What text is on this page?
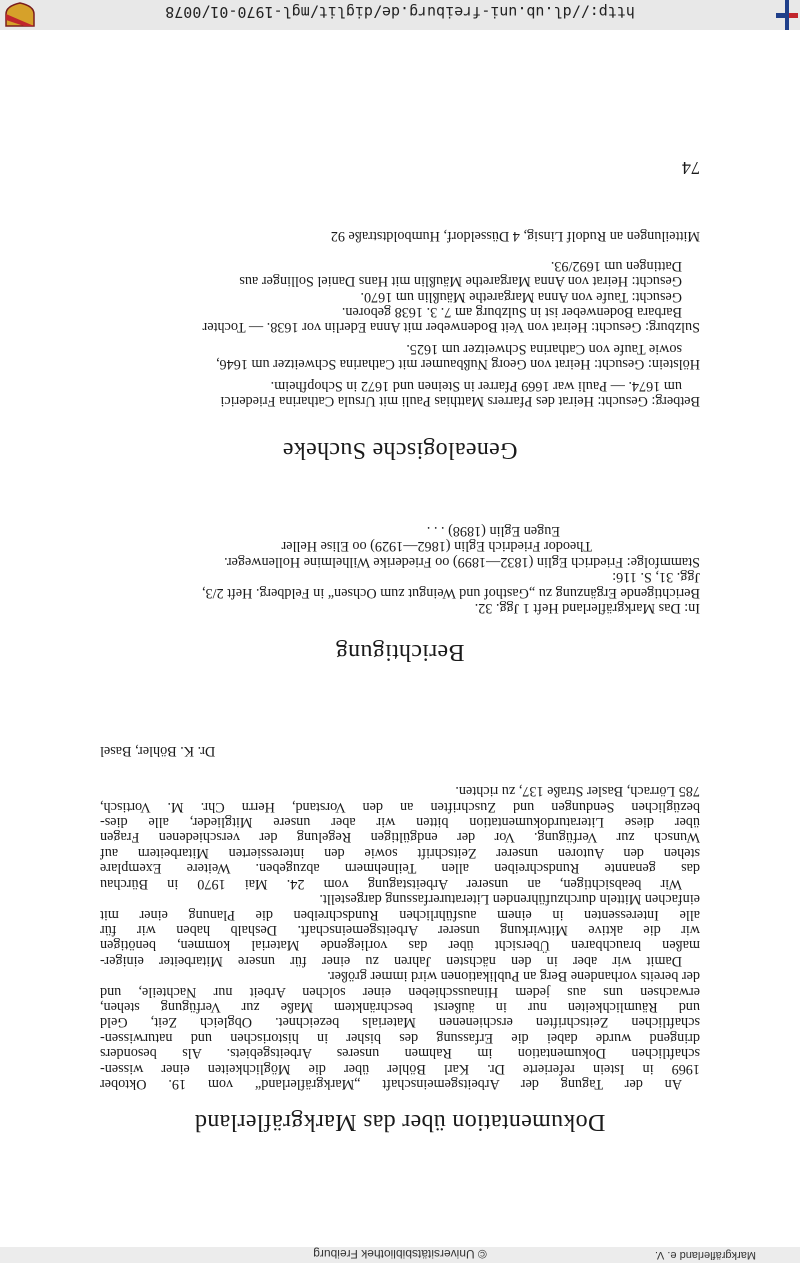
http://dl.ub.uni-freiburg.de/diglit/mgl-1970-01/0078
© Universitätsbibliothek Freiburg	Markgräflerland e. V.
74
Dokumentation über das Markgräflerland
An der Tagung der Arbeitsgemeinschaft „Markgräflerland“ vom 19. Oktober
1969 in Istein referierte Dr. Karl Böhler über die Möglichkeiten einer wissen-
schaftlichen Dokumentation im Rahmen unseres Arbeitsgebiets. Als besonders
dringend wurde dabei die Erfassung des bisher in historischen und naturwissen-
schaftlichen Zeitschriften erschienenen Materials bezeichnet. Obgleich Zeit, Geld
und Räumlichkeiten nur in äußerst beschränktem Maße zur Verfügung stehen,
erwachsen uns aus jedem Hinausschieben einer solchen Arbeit nur Nachteile, und
der bereits vorhandene Berg an Publikationen wird immer größer.
Damit wir aber in den nächsten Jahren zu einer für unsere Mitarbeiter einiger-
maßen brauchbaren Übersicht über das vorliegende Material kommen, benötigen
wir die aktive Mitwirkung unserer Arbeitsgemeinschaft. Deshalb haben wir für
alle Interessenten in einem ausführlichen Rundschreiben die Planung einer mit
einfachen Mitteln durchzuführenden Literaturerfassung dargestellt.
Wir beabsichtigen, an unserer Arbeitstagung vom 24. Mai 1970 in Bürchau
das genannte Rundschreiben allen Teilnehmern abzugeben. Weitere Exemplare
stehen den Autoren unserer Zeitschrift sowie den interessierten Mitarbeitern auf
Wunsch zur Verfügung. Vor der endgültigen Regelung der verschiedenen Fragen
über diese Literaturdokumentation bitten wir aber unsere Mitglieder, alle dies-
bezüglichen Sendungen und Zuschriften an den Vorstand, Herrn Chr. M. Vortisch,
785 Lörrach, Basler Straße 137, zu richten.
Dr. K. Böhler, Basel
Berichtigung
In: Das Markgräflerland Heft 1 Jgg. 32.
Berichtigende Ergänzung zu „Gasthof und Weingut zum Ochsen“ in Feldberg. Heft 2/3,
Jgg. 31, S. 116:
Stammfolge: Friedrich Eglin (1832—1899) oo Friederike Wilhelmine Hollenweger.
Theodor Friedrich Eglin (1862—1929) oo Elise Heller
Eugen Eglin (1898) . . .
Genealogische Sucheke
Betberg: Gesucht: Heirat des Pfarrers Matthias Pauli mit Ursula Catharina Friederici
um 1674. — Pauli war 1669 Pfarrer in Steinen und 1672 in Schopfheim.
Hölstein: Gesucht: Heirat von Georg Nußbaumer mit Catharina Schweitzer um 1646,
sowie Taufe von Catharina Schweitzer um 1625.
Sulzburg: Gesucht: Heirat von Veit Bodenweber mit Anna Ederlin vor 1638. — Tochter
Barbara Bodenweber ist in Sulzburg am 7. 3. 1638 geboren.
Gesucht: Taufe von Anna Margarethe Mäußlin um 1670.
Gesucht: Heirat von Anna Margarethe Mäußlin mit Hans Daniel Sollinger aus
Dattingen um 1692/93.
Mitteilungen an Rudolf Linsig, 4 Düsseldorf, Humboldtstraße 92
